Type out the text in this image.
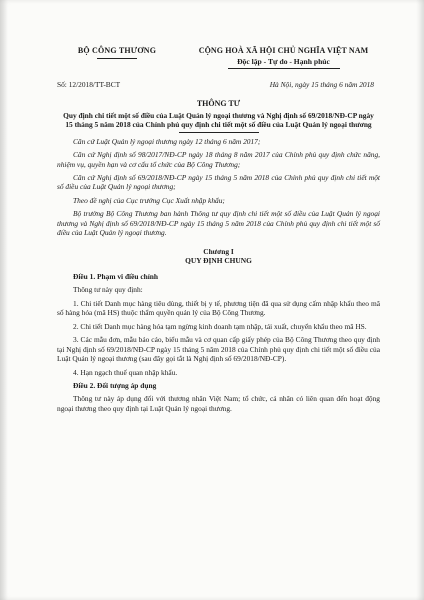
BỘ CÔNG THƯƠNG	CỘNG HOÀ XÃ HỘI CHỦ NGHĨA VIỆT NAM
Độc lập - Tự do - Hạnh phúc
Số: 12/2018/TT-BCT	Hà Nội, ngày 15 tháng 6 năm 2018
THÔNG TƯ
Quy định chi tiết một số điều của Luật Quản lý ngoại thương và Nghị định số 69/2018/NĐ-CP ngày 15 tháng 5 năm 2018 của Chính phủ quy định chi tiết một số điều của Luật Quản lý ngoại thương

Căn cứ Luật Quản lý ngoại thương ngày 12 tháng 6 năm 2017;

Căn cứ Nghị định số 98/2017/NĐ-CP ngày 18 tháng 8 năm 2017 của Chính phủ quy định chức năng, nhiệm vụ, quyền hạn và cơ cấu tổ chức của Bộ Công Thương;

Căn cứ Nghị định số 69/2018/NĐ-CP ngày 15 tháng 5 năm 2018 của Chính phủ quy định chi tiết một số điều của Luật Quản lý ngoại thương;

Theo đề nghị của Cục trưởng Cục Xuất nhập khẩu;

Bộ trưởng Bộ Công Thương ban hành Thông tư quy định chi tiết một số điều của Luật Quản lý ngoại thương và Nghị định số 69/2018/NĐ-CP ngày 15 tháng 5 năm 2018 của Chính phủ quy định chi tiết một số điều của Luật Quản lý ngoại thương.

Chương I
QUY ĐỊNH CHUNG
Điều 1. Phạm vi điều chỉnh

Thông tư này quy định:

1. Chi tiết Danh mục hàng tiêu dùng, thiết bị y tế, phương tiện đã qua sử dụng cấm nhập khẩu theo mã số hàng hóa (mã HS) thuộc thẩm quyền quản lý của Bộ Công Thương.

2. Chi tiết Danh mục hàng hóa tạm ngừng kinh doanh tạm nhập, tái xuất, chuyển khẩu theo mã HS.

3. Các mẫu đơn, mẫu báo cáo, biểu mẫu và cơ quan cấp giấy phép của Bộ Công Thương theo quy định tại Nghị định số 69/2018/NĐ-CP ngày 15 tháng 5 năm 2018 của Chính phủ quy định chi tiết một số điều của Luật Quản lý ngoại thương (sau đây gọi tắt là Nghị định số 69/2018/NĐ-CP).

4. Hạn ngạch thuế quan nhập khẩu.

Điều 2. Đối tượng áp dụng

Thông tư này áp dụng đối với thương nhân Việt Nam; tổ chức, cá nhân có liên quan đến hoạt động ngoại thương theo quy định tại Luật Quản lý ngoại thương.
